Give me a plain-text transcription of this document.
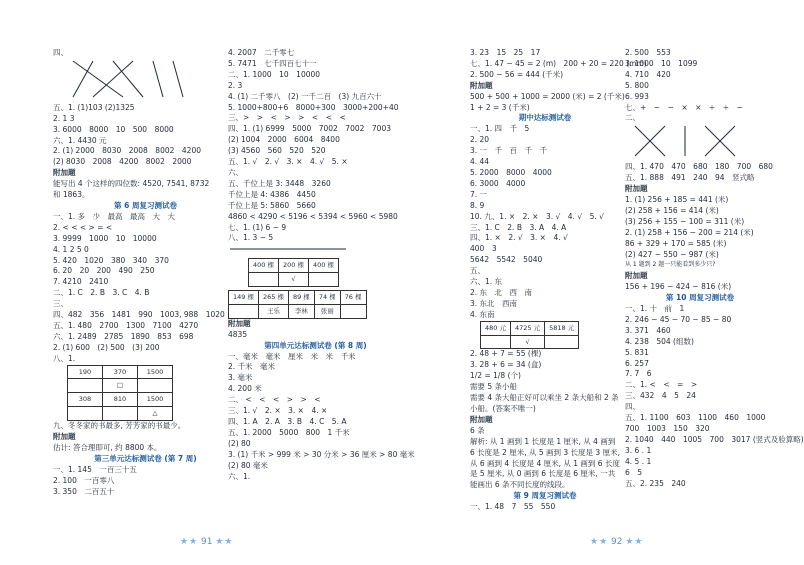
四、
五、1. (1)103 (2)1325
2. 1 3
3. 6000　8000　10　500　8000
六、1. 4430 元
2. (1) 2000　8030　2008　8002　4200
(2) 8030　2008　4200　8002　2000
附加题
能写出 4 个这样的四位数: 4520, 7541, 8732
和 1863。
第 6 周复习测试卷
一、1. 多　少　最高　最高　大　大
2. < < < > = <
3. 9999　1000　10　10000
4. 1 2 5 0
5. 420　1020　380　340　370
6. 20　20　200　490　250
7. 4210　2410
二、1. C　2. B　3. C　4. B
三、
四、482　356　1481　990　1003, 988　1020
五、1. 480　2700　1300　7100　4270
六、1. 2489　2785　1890　853　698
2. (1) 600　(2) 500　(3) 200
八、1.
190	370	1500
	□	
308	810	1500
		△
九、冬冬家的书最多, 芳芳家的书最少。
附加题
估计: 答合理即可, 约 8800 本。
第三单元达标测试卷 (第 7 周)
一、1. 145　一百三十五
2. 100　一百零八
3. 350　二百五十
4. 2007　二千零七
5. 7471　七千四百七十一
二、1. 1000　10　10000
2. 3
4. (1) 二千零八　(2) 一千二百　(3) 九百六十
5. 1000+800+6　8000+300　3000+200+40
三、>　>　<　>　>　<　<　<
四、1. (1) 6999　5000　7002　7002　7003
(2) 1004　2000　6004　8400
(3) 4560　560　520　520
五、1. √　2. √　3. ×　4. √　5. ×
六、
五、千位上是 3: 3448　3260
千位上是 4: 4386　4450
千位上是 5: 5860　5660
4860 < 4290 < 5196 < 5394 < 5960 < 5980
七、1. (1) 6 ~ 9
八、1. 3 ~ 5
400 棵	200 棵	400 棵
	√	
149 棵	265 棵	89 棵	74 棵	76 棵
	王乐	李林	张丽	
附加题
4835
第四单元达标测试卷 (第 8 周)
一、毫米　毫米　厘米　米　米　千米
2. 千米　毫米
3. 毫米
4. 200 米
二、 <　<　<　>　>　<
三、1. √　2. ×　3. ×　4. ×
四、1. A　2. A　3. B　4. C　5. A
五、1. 2000　5000　800　1 千米
(2) 80
3. (1) 千米 > 999 米 > 30 分米 > 36 厘米 > 80 毫米
(2) 80 毫米
六、1.
★★ 91 ★★
3. 23　15　25　17
七、1. 47 − 45 = 2 (m)　200 + 20 = 220 (mm)
2. 500 − 56 = 444 (千米)
附加题
500 + 500 + 1000 = 2000 (米) = 2 (千米)
1 + 2 = 3 (千米)
期中达标测试卷
一、1. 四　千　5
2. 20
3. 一　千　百　千　千
4. 44
5. 2000　8000　4000
6. 3000　4000
7. 一
8. 9
10. 九、1. ×　2. ×　3. √　4. √　5. √
三、1. C　2. B　3. A　4. A
四、1. ×　2. √　3. ×　4. √
400　3
5642　5542　5040
五、
六、1. 东
2. 东　北　西　南
3. 东北　西南
4. 东南
480 元	4725 元	5818 元
	√	
2. 48 + 7 = 55 (棵)
3. 28 + 6 = 34 (盒)
1/2 = 1/8 (个)
需要 5 条小船
需要 4 条大船正好可以乘坐 2 条大船和 2 条小船。(答案不唯一)
附加题
6 条
解析: 从 1 画到 1 长度是 1 厘米, 从 4 画到 6 长度是 2 厘米, 从 5 画到 3 长度是 3 厘米, 从 6 画到 4 长度是 4 厘米, 从 1 画到 6 长度是 5 厘米, 从 0 画到 6 长度是 6 厘米, 一共能画出 6 条不同长度的线段。
第 9 周复习测试卷
一、1. 48　7　55　550
2. 500　553
3. 1000　10　1099
4. 710　420
5. 800
6. 993
七、+　−　−　×　×　÷　÷　−
二、
四、1. 470　470　680　180　700　680
五、1. 888　491　240　94　竖式略
附加题
1. (1) 256 + 185 = 441 (米)
(2) 258 + 156 = 414 (米)
(3) 256 + 155 − 100 = 311 (米)
2. (1) 258 + 156 − 200 = 214 (米)
86 + 329 + 170 = 585 (米)
(2) 427 − 550 − 987 (米)
从 1 题到 2 题一只能看到多少只?
附加题
156 + 196 − 424 − 816 (米)
第 10 周复习测试卷
一、1. 十　前　1
2. 246 − 45 − 70 − 85 − 80
3. 371　460
4. 238　504 (组数)
5. 831
6. 257
7. 7　6
二、1. <　<　=　>
三、432　4　5　24
四、
五、1. 1100　603　1100　460　1000
700　1003　150　320
2. 1040　440　1005　700　3017 (竖式及验算略)
3. 6 . 1
4. 5 . 1
6　5
五、2. 235　240
★★ 92 ★★
